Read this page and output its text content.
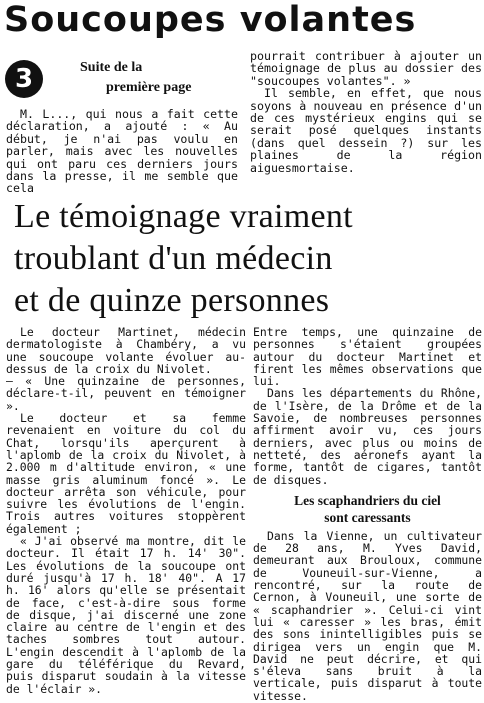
Soucoupes volantes
3	Suite de la
première page

M. L..., qui nous a fait cette déclaration, a ajouté : « Au début, je n'ai pas voulu en parler, mais avec les nouvelles qui ont paru ces derniers jours dans la presse, il me semble que cela

pourrait contribuer à ajouter un témoignage de plus au dossier des "soucoupes volantes". »

Il semble, en effet, que nous soyons à nouveau en présence d'un de ces mystérieux engins qui se serait posé quelques instants (dans quel dessein ?) sur les plaines de la région aiguesmortaise.

Le témoignage vraiment
troublant d'un médecin
et de quinze personnes

Le docteur Martinet, médecin dermatologiste à Chambéry, a vu une soucoupe volante évoluer au-dessus de la croix du Nivolet.

— « Une quinzaine de personnes, déclare-t-il, peuvent en témoigner ».

Le docteur et sa femme revenaient en voiture du col du Chat, lorsqu'ils aperçurent à l'aplomb de la croix du Nivolet, à 2.000 m d'altitude environ, « une masse gris aluminum foncé ». Le docteur arrêta son véhicule, pour suivre les évolutions de l'engin. Trois autres voitures stoppèrent également ;

« J'ai observé ma montre, dit le docteur. Il était 17 h. 14' 30". Les évolutions de la soucoupe ont duré jusqu'à 17 h. 18' 40". A 17 h. 16' alors qu'elle se présentait de face, c'est-à-dire sous forme de disque, j'ai discerné une zone claire au centre de l'engin et des taches sombres tout autour. L'engin descendit à l'aplomb de la gare du téléférique du Revard, puis disparut soudain à la vitesse de l'éclair ».

Entre temps, une quinzaine de personnes s'étaient groupées autour du docteur Martinet et firent les mêmes observations que lui.

Dans les départements du Rhône, de l'Isère, de la Drôme et de la Savoie, de nombreuses personnes affirment avoir vu, ces jours derniers, avec plus ou moins de netteté, des aéronefs ayant la forme, tantôt de cigares, tantôt de disques.

Les scaphandriers du ciel
sont caressants

Dans la Vienne, un cultivateur de 28 ans, M. Yves David, demeurant aux Brouloux, commune de Vouneuil-sur-Vienne, a rencontré, sur la route de Cernon, à Vouneuil, une sorte de « scaphandrier ». Celui-ci vint lui « caresser » les bras, émit des sons inintelligibles puis se dirigea vers un engin que M. David ne peut décrire, et qui s'éleva sans bruit à la verticale, puis disparut à toute vitesse.
